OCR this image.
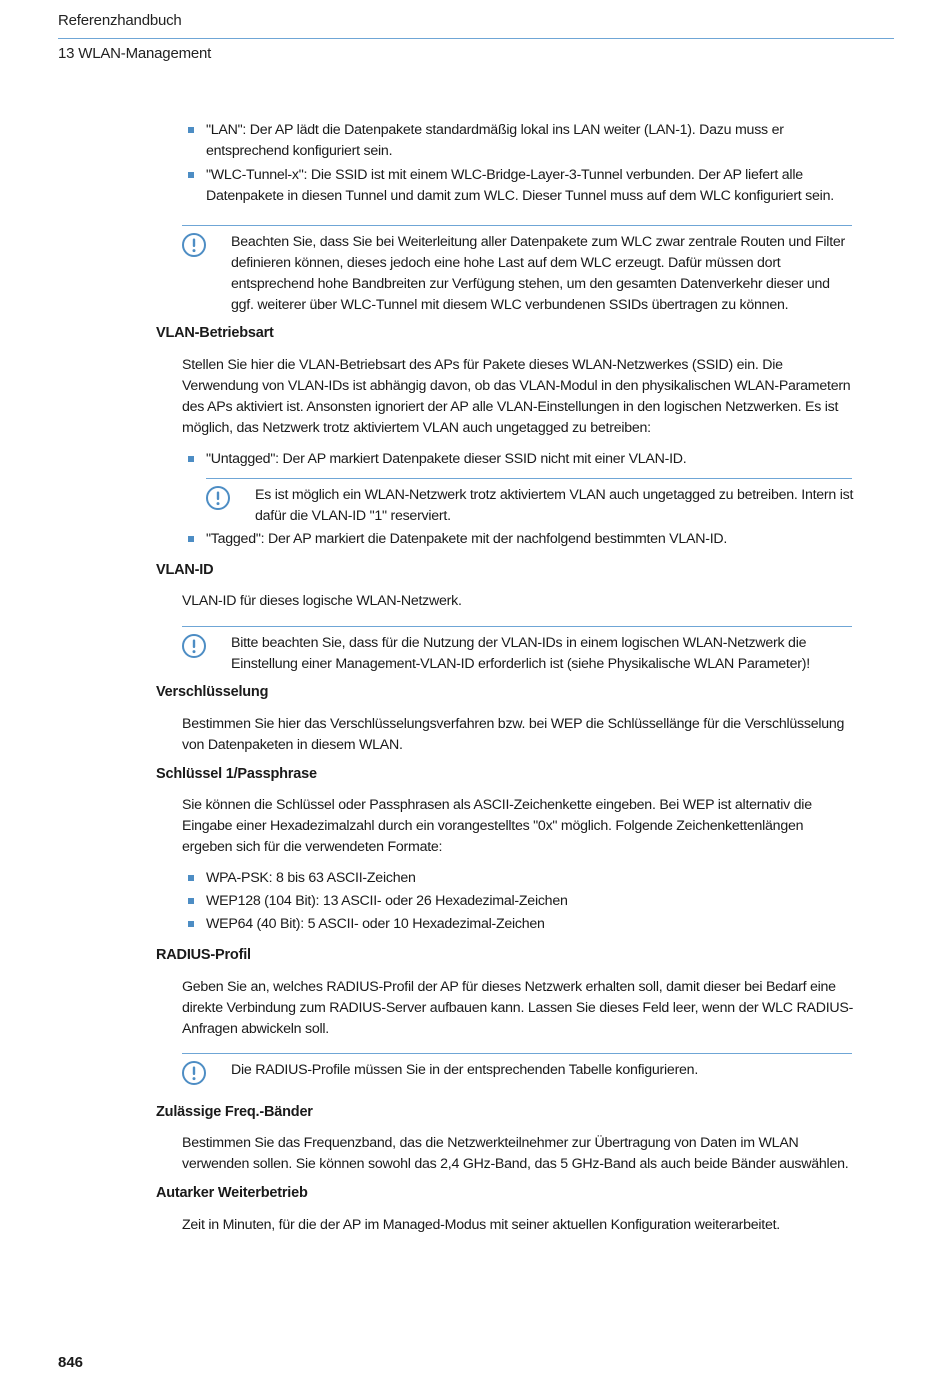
Referenzhandbuch
13 WLAN-Management
"LAN": Der AP lädt die Datenpakete standardmäßig lokal ins LAN weiter (LAN-1). Dazu muss er entsprechend konfiguriert sein.
"WLC-Tunnel-x": Die SSID ist mit einem WLC-Bridge-Layer-3-Tunnel verbunden. Der AP liefert alle Datenpakete in diesen Tunnel und damit zum WLC. Dieser Tunnel muss auf dem WLC konfiguriert sein.
Beachten Sie, dass Sie bei Weiterleitung aller Datenpakete zum WLC zwar zentrale Routen und Filter definieren können, dieses jedoch eine hohe Last auf dem WLC erzeugt. Dafür müssen dort entsprechend hohe Bandbreiten zur Verfügung stehen, um den gesamten Datenverkehr dieser und ggf. weiterer über WLC-Tunnel mit diesem WLC verbundenen SSIDs übertragen zu können.
VLAN-Betriebsart
Stellen Sie hier die VLAN-Betriebsart des APs für Pakete dieses WLAN-Netzwerkes (SSID) ein. Die Verwendung von VLAN-IDs ist abhängig davon, ob das VLAN-Modul in den physikalischen WLAN-Parametern des APs aktiviert ist. Ansonsten ignoriert der AP alle VLAN-Einstellungen in den logischen Netzwerken. Es ist möglich, das Netzwerk trotz aktiviertem VLAN auch ungetagged zu betreiben:
"Untagged": Der AP markiert Datenpakete dieser SSID nicht mit einer VLAN-ID.
Es ist möglich ein WLAN-Netzwerk trotz aktiviertem VLAN auch ungetagged zu betreiben. Intern ist dafür die VLAN-ID "1" reserviert.
"Tagged": Der AP markiert die Datenpakete mit der nachfolgend bestimmten VLAN-ID.
VLAN-ID
VLAN-ID für dieses logische WLAN-Netzwerk.
Bitte beachten Sie, dass für die Nutzung der VLAN-IDs in einem logischen WLAN-Netzwerk die Einstellung einer Management-VLAN-ID erforderlich ist (siehe Physikalische WLAN Parameter)!
Verschlüsselung
Bestimmen Sie hier das Verschlüsselungsverfahren bzw. bei WEP die Schlüssellänge für die Verschlüsselung von Datenpaketen in diesem WLAN.
Schlüssel 1/Passphrase
Sie können die Schlüssel oder Passphrasen als ASCII-Zeichenkette eingeben. Bei WEP ist alternativ die Eingabe einer Hexadezimalzahl durch ein vorangestelltes "0x" möglich. Folgende Zeichenkettenlängen ergeben sich für die verwendeten Formate:
WPA-PSK: 8 bis 63 ASCII-Zeichen
WEP128 (104 Bit): 13 ASCII- oder 26 Hexadezimal-Zeichen
WEP64 (40 Bit): 5 ASCII- oder 10 Hexadezimal-Zeichen
RADIUS-Profil
Geben Sie an, welches RADIUS-Profil der AP für dieses Netzwerk erhalten soll, damit dieser bei Bedarf eine direkte Verbindung zum RADIUS-Server aufbauen kann. Lassen Sie dieses Feld leer, wenn der WLC RADIUS-Anfragen abwickeln soll.
Die RADIUS-Profile müssen Sie in der entsprechenden Tabelle konfigurieren.
Zulässige Freq.-Bänder
Bestimmen Sie das Frequenzband, das die Netzwerkteilnehmer zur Übertragung von Daten im WLAN verwenden sollen. Sie können sowohl das 2,4 GHz-Band, das 5 GHz-Band als auch beide Bänder auswählen.
Autarker Weiterbetrieb
Zeit in Minuten, für die der AP im Managed-Modus mit seiner aktuellen Konfiguration weiterarbeitet.
846
